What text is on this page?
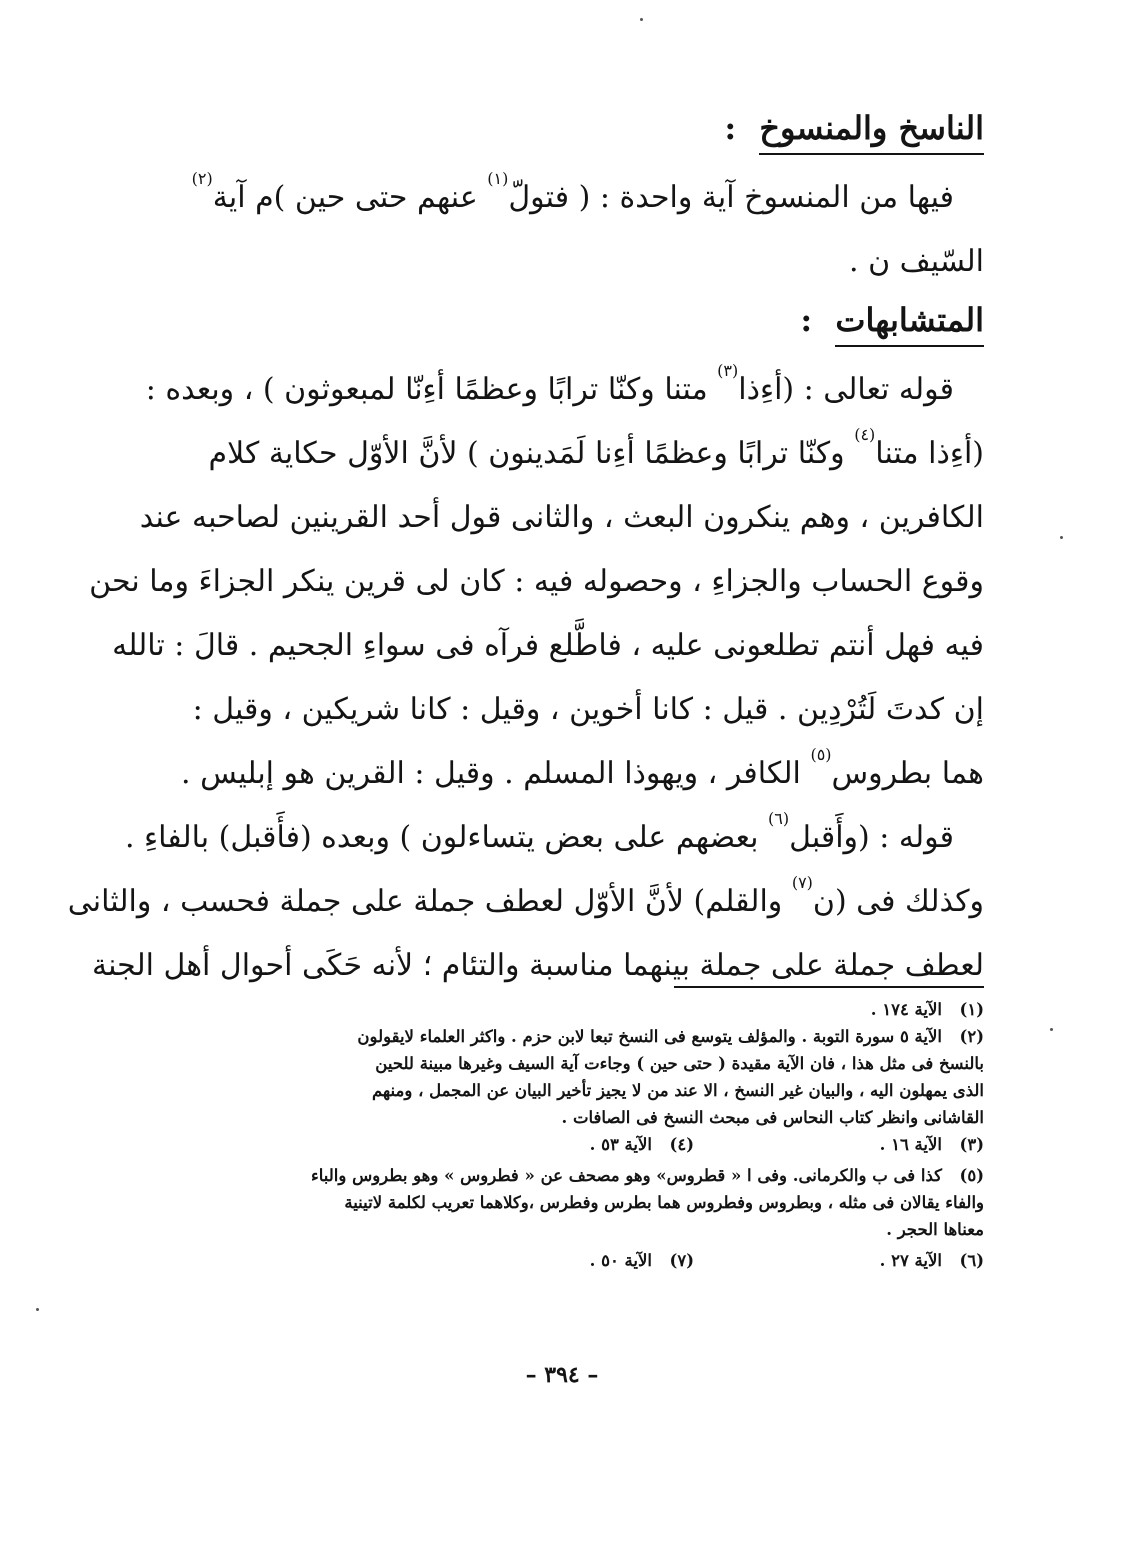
الناسخ والمنسوخ :
فيها من المنسوخ آية واحدة : ( فتولّ$^{(١)}$ عنهم حتى حين )م آية$^{(٢)}$
السّيف ن .
المتشابهات :
قوله تعالى : (أءِذا$^{(٣)}$ متنا وكنّا ترابًا وعظمًا أءِنّا لمبعوثون ) ، وبعده :
(أءِذا متنا$^{(٤)}$ وكنّا ترابًا وعظمًا أءِنا لَمَدينون ) لأنَّ الأوّل حكاية كلام
الكافرين ، وهم ينكرون البعث ، والثانى قول أحد القرينين لصاحبه عند
وقوع الحساب والجزاءِ ، وحصوله فيه : كان لى قرين ينكر الجزاءَ وما نحن
فيه فهل أنتم تطلعونى عليه ، فاطَّلع فرآه فى سواءِ الجحيم . قالَ : تالله
إن كدتَ لَتُرْدِين . قيل : كانا أخوين ، وقيل : كانا شريكين ، وقيل :
هما بطروس$^{(٥)}$ الكافر ، ويهوذا المسلم . وقيل : القرين هو إبليس .
قوله : (وأَقبل$^{(٦)}$ بعضهم على بعض يتساءلون ) وبعده (فأَقبل) بالفاءِ .
وكذلك فى (ن$^{(٧)}$ والقلم) لأنَّ الأوّل لعطف جملة على جملة فحسب ، والثانى
لعطف جملة على جملة بينهما مناسبة والتئام ؛ لأنه حَكَى أحوال أهل الجنة
(١)الآية ١٧٤ .
(٢)الآية ٥ سورة التوبة . والمؤلف يتوسع فى النسخ تبعا لابن حزم . واكثر العلماء لايقولون
بالنسخ فى مثل هذا ، فان الآية مقيدة ( حتى حين ) وجاءت آية السيف وغيرها مبينة للحين
الذى يمهلون اليه ، والبيان غير النسخ ، الا عند من لا يجيز تأخير البيان عن المجمل ، ومنهم
القاشانى وانظر كتاب النحاس فى مبحث النسخ فى الصافات .
(٣)الآية ١٦ .(٤)الآية ٥٣ .
(٥)كذا فى ب والكرمانى. وفى ا « قطروس» وهو مصحف عن « فطروس » وهو بطروس والباء
والفاء يقالان فى مثله ، وبطروس وفطروس هما بطرس وفطرس ،وكلاهما تعريب لكلمة لاتينية
معناها الحجر .
(٦)الآية ٢٧ .(٧)الآية ٥٠ .
– ٣٩٤ –
